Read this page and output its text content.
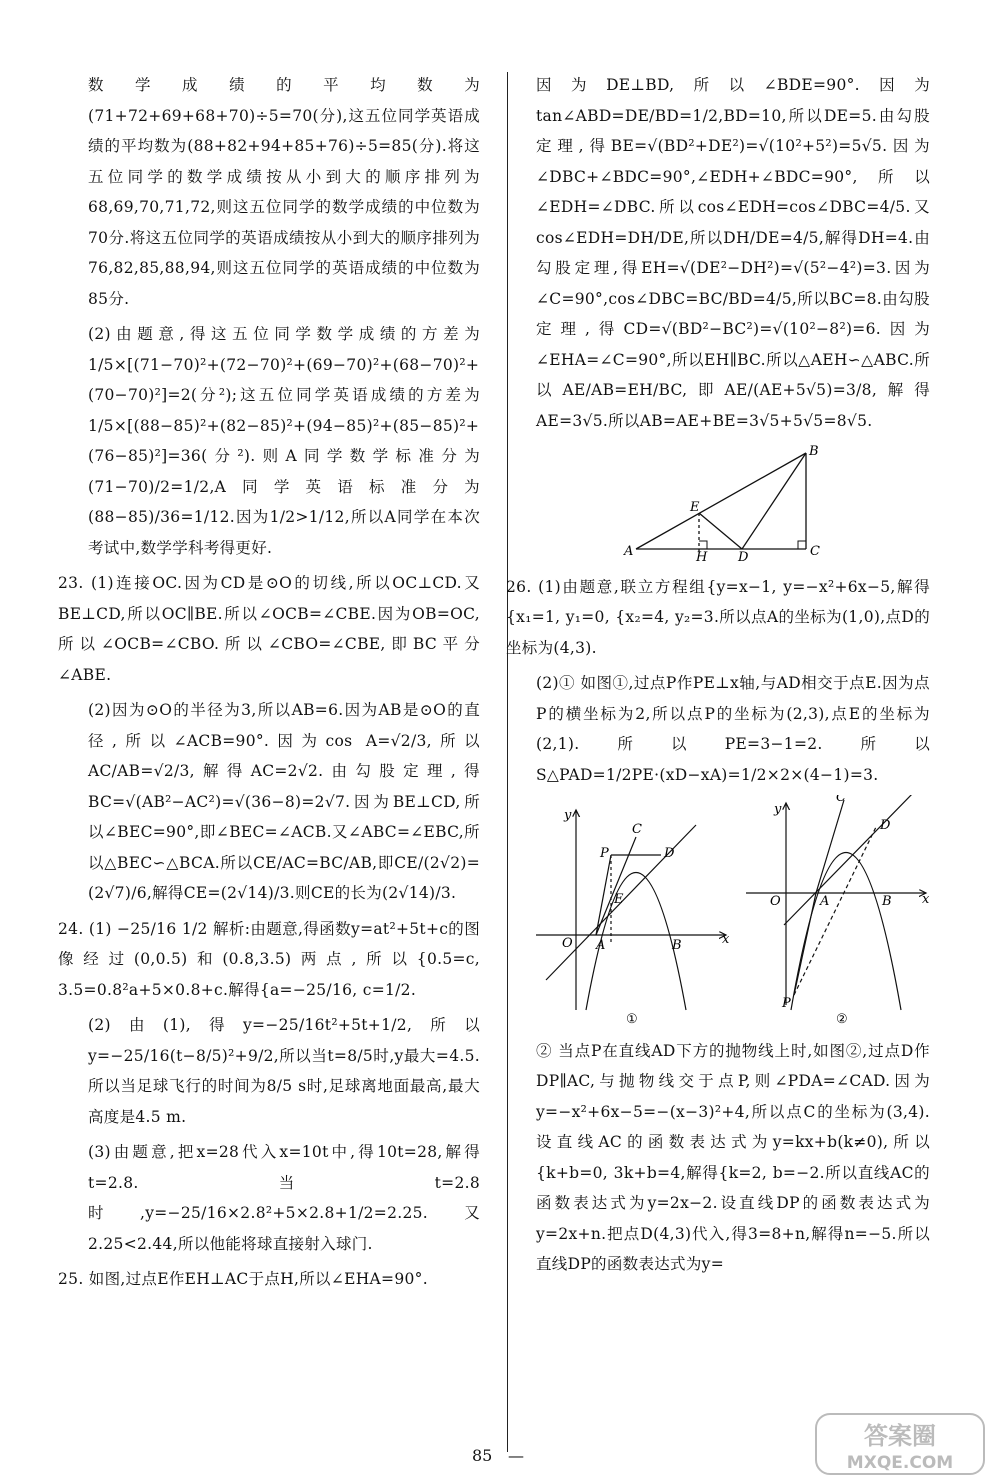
数学成绩的平均数为(71+72+69+68+70)÷5=70(分),这五位同学英语成绩的平均数为(88+82+94+85+76)÷5=85(分).将这五位同学的数学成绩按从小到大的顺序排列为68,69,70,71,72,则这五位同学的数学成绩的中位数为70分.将这五位同学的英语成绩按从小到大的顺序排列为76,82,85,88,94,则这五位同学的英语成绩的中位数为85分.

(2)由题意,得这五位同学数学成绩的方差为1/5×[(71−70)²+(72−70)²+(69−70)²+(68−70)²+(70−70)²]=2(分²);这五位同学英语成绩的方差为1/5×[(88−85)²+(82−85)²+(94−85)²+(85−85)²+(76−85)²]=36(分²).则A同学数学标准分为(71−70)/2=1/2,A同学英语标准分为(88−85)/36=1/12.因为1/2>1/12,所以A同学在本次考试中,数学学科考得更好.

23. (1)连接OC.因为CD是⊙O的切线,所以OC⊥CD.又BE⊥CD,所以OC∥BE.所以∠OCB=∠CBE.因为OB=OC,所以∠OCB=∠CBO.所以∠CBO=∠CBE,即BC平分∠ABE.

(2)因为⊙O的半径为3,所以AB=6.因为AB是⊙O的直径,所以∠ACB=90°.因为cos A=√2/3,所以AC/AB=√2/3,解得AC=2√2.由勾股定理,得BC=√(AB²−AC²)=√(36−8)=2√7.因为BE⊥CD,所以∠BEC=90°,即∠BEC=∠ACB.又∠ABC=∠EBC,所以△BEC∽△BCA.所以CE/AC=BC/AB,即CE/(2√2)=(2√7)/6,解得CE=(2√14)/3.则CE的长为(2√14)/3.

24. (1) −25/16 1/2 解析:由题意,得函数y=at²+5t+c的图像经过(0,0.5)和(0.8,3.5)两点,所以{0.5=c, 3.5=0.8²a+5×0.8+c.解得{a=−25/16, c=1/2.

(2)由(1),得y=−25/16t²+5t+1/2,所以y=−25/16(t−8/5)²+9/2,所以当t=8/5时,y最大=4.5.所以当足球飞行的时间为8/5 s时,足球离地面最高,最大高度是4.5 m.

(3)由题意,把x=28代入x=10t中,得10t=28,解得t=2.8.当t=2.8时,y=−25/16×2.8²+5×2.8+1/2=2.25.又2.25<2.44,所以他能将球直接射入球门.

25. 如图,过点E作EH⊥AC于点H,所以∠EHA=90°.

因为DE⊥BD,所以∠BDE=90°.因为tan∠ABD=DE/BD=1/2,BD=10,所以DE=5.由勾股定理,得BE=√(BD²+DE²)=√(10²+5²)=5√5.因为∠DBC+∠BDC=90°,∠EDH+∠BDC=90°,所以∠EDH=∠DBC.所以cos∠EDH=cos∠DBC=4/5.又cos∠EDH=DH/DE,所以DH/DE=4/5,解得DH=4.由勾股定理,得EH=√(DE²−DH²)=√(5²−4²)=3.因为∠C=90°,cos∠DBC=BC/BD=4/5,所以BC=8.由勾股定理,得CD=√(BD²−BC²)=√(10²−8²)=6.因为∠EHA=∠C=90°,所以EH∥BC.所以△AEH∽△ABC.所以AE/AB=EH/BC,即AE/(AE+5√5)=3/8,解得AE=3√5.所以AB=AE+BE=3√5+5√5=8√5.

A
B
C
D
E
H

26. (1)由题意,联立方程组{y=x−1, y=−x²+6x−5,解得{x₁=1, y₁=0, {x₂=4, y₂=3.所以点A的坐标为(1,0),点D的坐标为(4,3).

(2)① 如图①,过点P作PE⊥x轴,与AD相交于点E.因为点P的横坐标为2,所以点P的坐标为(2,3),点E的坐标为(2,1).所以PE=3−1=2.所以S△PAD=1/2PE·(xD−xA)=1/2×2×(4−1)=3.

y
x
O A	B
C
D
P
E
①
y
x
O	A	B
C
D
P
②

② 当点P在直线AD下方的抛物线上时,如图②,过点D作DP∥AC,与抛物线交于点P,则∠PDA=∠CAD.因为y=−x²+6x−5=−(x−3)²+4,所以点C的坐标为(3,4).设直线AC的函数表达式为y=kx+b(k≠0),所以{k+b=0, 3k+b=4,解得{k=2, b=−2.所以直线AC的函数表达式为y=2x−2.设直线DP的函数表达式为y=2x+n.把点D(4,3)代入,得3=8+n,解得n=−5.所以直线DP的函数表达式为y=

85 —
答案圈
MXQE.COM
